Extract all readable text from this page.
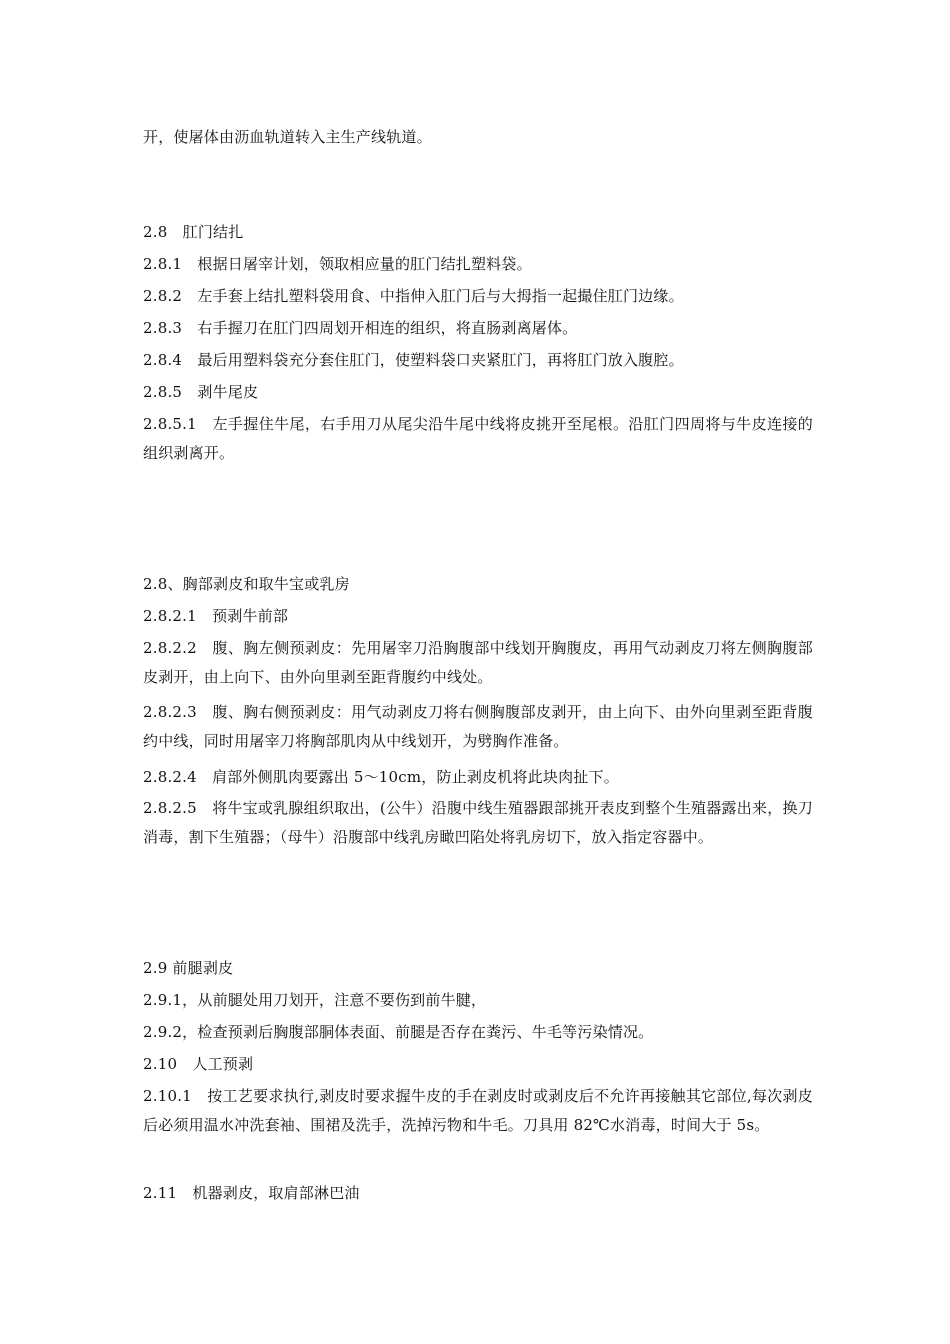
开，使屠体由沥血轨道转入主生产线轨道。
2.8　肛门结扎
2.8.1　根据日屠宰计划，领取相应量的肛门结扎塑料袋。
2.8.2　左手套上结扎塑料袋用食、中指伸入肛门后与大拇指一起撮住肛门边缘。
2.8.3　右手握刀在肛门四周划开相连的组织，将直肠剥离屠体。
2.8.4　最后用塑料袋充分套住肛门，使塑料袋口夹紧肛门，再将肛门放入腹腔。
2.8.5　剥牛尾皮
2.8.5.1　左手握住牛尾，右手用刀从尾尖沿牛尾中线将皮挑开至尾根。沿肛门四周将与牛皮连接的组织剥离开。
2.8、胸部剥皮和取牛宝或乳房
2.8.2.1　预剥牛前部
2.8.2.2　腹、胸左侧预剥皮：先用屠宰刀沿胸腹部中线划开胸腹皮，再用气动剥皮刀将左侧胸腹部皮剥开，由上向下、由外向里剥至距背腹约中线处。
2.8.2.3　腹、胸右侧预剥皮：用气动剥皮刀将右侧胸腹部皮剥开，由上向下、由外向里剥至距背腹约中线，同时用屠宰刀将胸部肌肉从中线划开，为劈胸作准备。
2.8.2.4　肩部外侧肌肉要露出 5～10cm，防止剥皮机将此块肉扯下。
2.8.2.5　将牛宝或乳腺组织取出，(公牛）沿腹中线生殖器跟部挑开表皮到整个生殖器露出来，换刀消毒，割下生殖器；（母牛）沿腹部中线乳房瞰凹陷处将乳房切下，放入指定容器中。
2.9 前腿剥皮
2.9.1，从前腿处用刀划开，注意不要伤到前牛腱，
2.9.2，检查预剥后胸腹部胴体表面、前腿是否存在粪污、牛毛等污染情况。
2.10　人工预剥
2.10.1　按工艺要求执行,剥皮时要求握牛皮的手在剥皮时或剥皮后不允许再接触其它部位,每次剥皮后必须用温水冲洗套袖、围裙及洗手，洗掉污物和牛毛。刀具用 82℃水消毒，时间大于 5s。
2.11　机器剥皮，取肩部淋巴油
